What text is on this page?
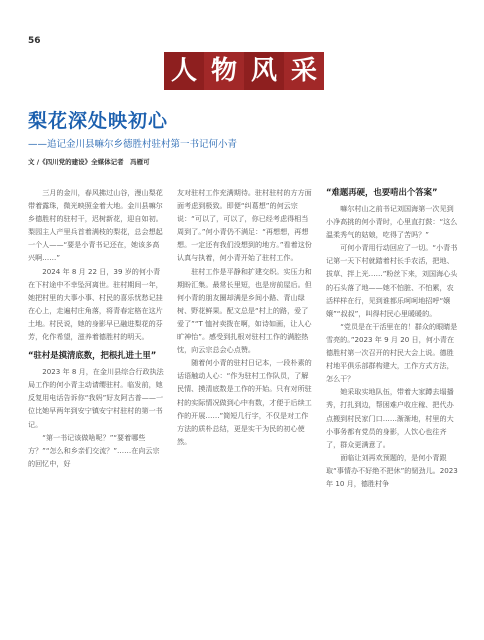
56
人 物 风 采
梨花深处映初心
——追记金川县嘛尔乡德胜村驻村第一书记何小青
文 /《四川党的建设》全媒体记者　冯雁可

三月的金川，春风拂过山谷，漫山梨花带着露珠，微光映照金着大地。金川县嘛尔乡德胜村的驻村干，迟树新花，迎自如初。梨园主人产里兵首着满枝的梨花，总会想起一个人——“要是小青书记还在，她该多高兴啊……”

2024 年 8 月 22 日，39 岁的何小青在下村途中不幸坠河离世。驻村期间一年，她把村里的大事小事、村民的喜乐忧愁记挂在心上，走遍村庄角落，将青春定格在这片土地。村民说，她的身影早已融进梨花的芬芳，化作希望，滋养着德胜村的明天。

“驻村是摸清底数，把根扎进土里”

2023 年 8 月，在金川县综合行政执法局工作的何小青主动请缨驻村。临发前，她反复用电话告诉你“我妈”好友阿古普——一位比她早两年到安宁镇安宁村驻村的第一书记。

“第一书记该做啥呢？”“要着哪些方？”“怎么和乡亲们交流？”……在向云宗的回忆中，好

友对驻村工作充满期待。驻村驻村的方方面面考虑到极致。即便“纠葛想”的何云宗说：“可以了，可以了，你已经考虑得相当周到了。”何小青仍不满足：“再想想，再想想。一定还有我们没想到的地方。”看着这份认真与执着，何小青开始了驻村工作。

驻村工作是平静和扩建交织。实压力和期盼汇集。最常长里短，也是房前屋后。但何小青的朋友圈却满是乡间小路、青山绿树、野花鲜果。配文总是“村上的路，爱了爱了”“T 恤衬卖拨在啊，如诗如画，让人心旷神怡”。感受到扎根对驻村工作的满腔热忱，向云宗总会心点赞。

随着何小青的驻村日记本，一段朴素的话语触动人心：“作为驻村工作队员，了解民情、摸清底数是工作的开始。只有对所驻村的实际情况做到心中有数，才便于后续工作的开展……”简短几行字，不仅是对工作方法的质朴总结，更是实干为民的初心使然。

“难题再硬，也要啃出个答案”

嘛尔村山之前书记刘国海第一次见到小净高挑的何小青时，心里直打鼓：“这么温柔秀气的姑娘，吃得了苦吗？”

可何小青用行动回应了一切。“小青书记第一天下村就踏着村长手农活，把地、拔草、拌上光……”粉丝下来，刘国海心头的石头落了地——她不怕脏、不怕累，农活样样在行，见到谁都乐呵呵地招呼“嬢嬢”“叔叔”，叫得村民心里暖暖的。

“党员是在干活里在的！群众的眼睛是雪亮的。”2023 年 9 月 20 日，何小青在德胜村第一次召开的村民大会上说。德胜村地平俱乐部群构建大，工作方式方法，怎么干？

她采取实地队伍，带着大家蹲去塌播秀，打扎到边，帮困难户收庄稼、把代办点搬到村民家门口……渐渐地，村里的大小事务都有党员的身影，人饮心也往齐了，群众更满意了。

面临让刘再欢预题的，是何小青跟取“事情办不好绝不把休”的韧劲儿。2023 年 10 月，德胜村争
